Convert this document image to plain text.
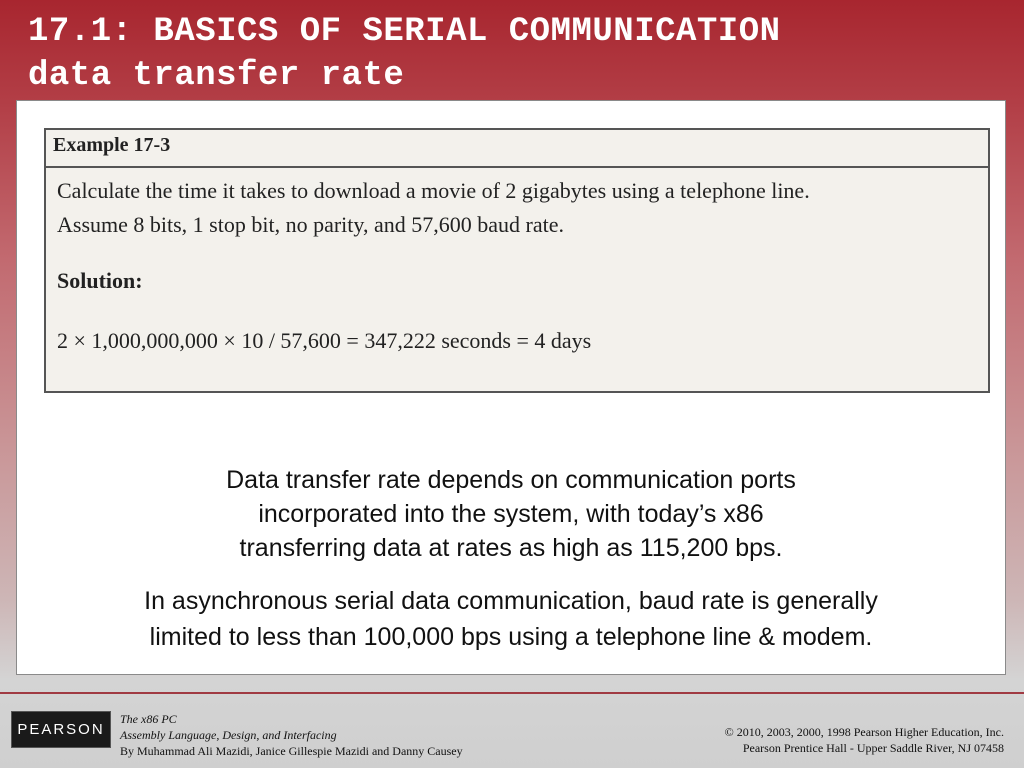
17.1: BASICS OF SERIAL COMMUNICATION
data transfer rate
Example 17-3

Calculate the time it takes to download a movie of 2 gigabytes using a telephone line.

Assume 8 bits, 1 stop bit, no parity, and 57,600 baud rate.

Solution:

2 × 1,000,000,000 × 10 / 57,600 = 347,222 seconds = 4 days

Data transfer rate depends on communication ports
incorporated into the system, with today’s x86
transferring data at rates as high as 115,200 bps.
In asynchronous serial data communication, baud rate is generally
limited to less than 100,000 bps using a telephone line & modem.
PEARSON
The x86 PC
Assembly Language, Design, and Interfacing
By Muhammad Ali Mazidi, Janice Gillespie Mazidi and Danny Causey
© 2010, 2003, 2000, 1998 Pearson Higher Education, Inc.
Pearson Prentice Hall - Upper Saddle River, NJ 07458
